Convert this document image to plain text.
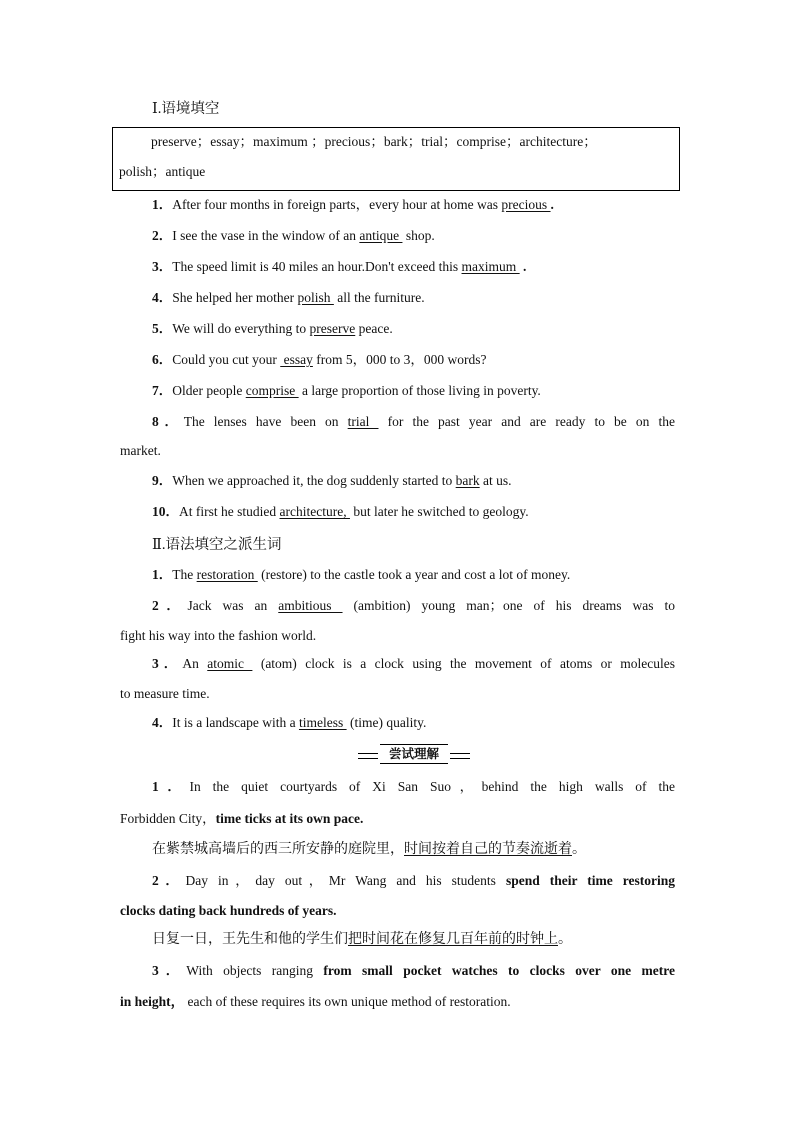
Ⅰ.语境填空
preserve；essay；maximum ；precious；bark；trial；comprise；architecture；
polish；antique
1．After four months in foreign parts，every hour at home was precious .
2．I see the vase in the window of an antique  shop.
3．The speed limit is 40 miles an hour.Don't exceed this maximum  .
4．She helped her mother polish  all the furniture.
5．We will do everything to preserve peace.
6．Could you cut your  essay from 5，000 to 3，000 words?
7．Older people comprise  a large proportion of those living in poverty.
8．The lenses have been on trial  for the past year and are ready to be on the
market.
9．When we approached it, the dog suddenly started to bark at us.
10．At first he studied architecture,  but later he switched to geology.
Ⅱ.语法填空之派生词
1．The restoration  (restore) to the castle took a year and cost a lot of money.
2．Jack was an ambitious  (ambition) young man；one of his dreams was to
fight his way into the fashion world.
3．An atomic  (atom) clock is a clock using the movement of atoms or molecules
to measure time.
4．It is a landscape with a timeless  (time) quality.
尝试理解
1．In the quiet courtyards of Xi San Suo，behind the high walls of the
Forbidden City，time ticks at its own pace.
在紫禁城高墙后的西三所安静的庭院里，时间按着自己的节奏流逝着。
2．Day in，day out，Mr Wang and his students spend their time restoring
clocks dating back hundreds of years.
日复一日，王先生和他的学生们把时间花在修复几百年前的时钟上。
3．With objects ranging from small pocket watches to clocks over one metre
in height， each of these requires its own unique method of restoration.
